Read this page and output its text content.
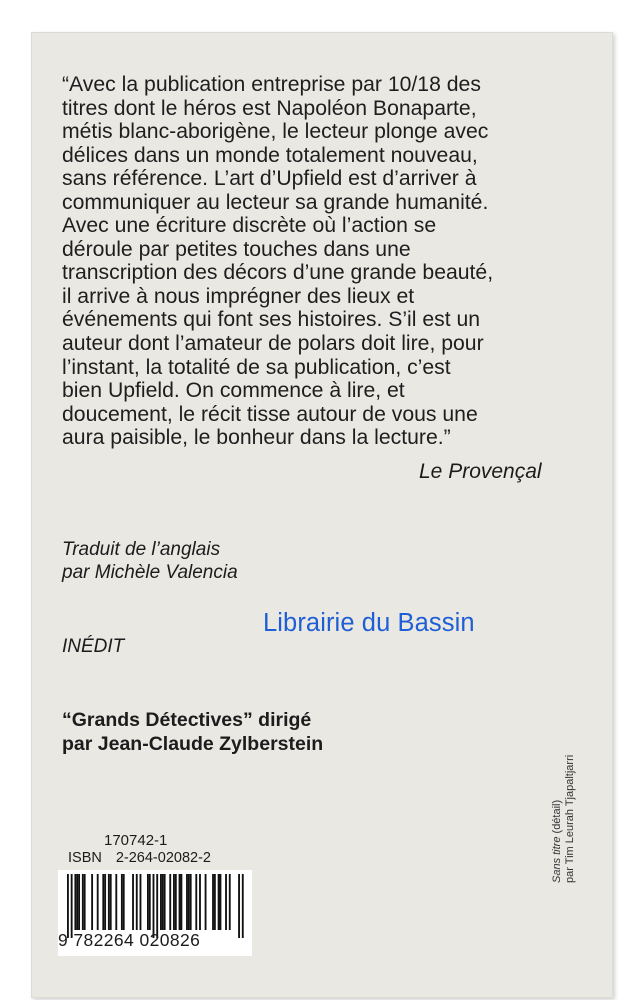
“Avec la publication entreprise par 10/18 des
titres dont le héros est Napoléon Bonaparte,
métis blanc-aborigène, le lecteur plonge avec
délices dans un monde totalement nouveau,
sans référence. L’art d’Upfield est d’arriver à
communiquer au lecteur sa grande humanité.
Avec une écriture discrète où l’action se
déroule par petites touches dans une
transcription des décors d’une grande beauté,
il arrive à nous imprégner des lieux et
événements qui font ses histoires. S’il est un
auteur dont l’amateur de polars doit lire, pour
l’instant, la totalité de sa publication, c’est
bien Upfield. On commence à lire, et
doucement, le récit tisse autour de vous une
aura paisible, le bonheur dans la lecture.”
Le Provençal
Traduit de l’anglais
par Michèle Valencia
Librairie du Bassin
INÉDIT
“Grands Détectives” dirigé
par Jean-Claude Zylberstein
Sans titre (détail) par Tim Leurah Tjapaltjarri
170742-1
ISBN 2-264-02082-2
9 782264 020826
